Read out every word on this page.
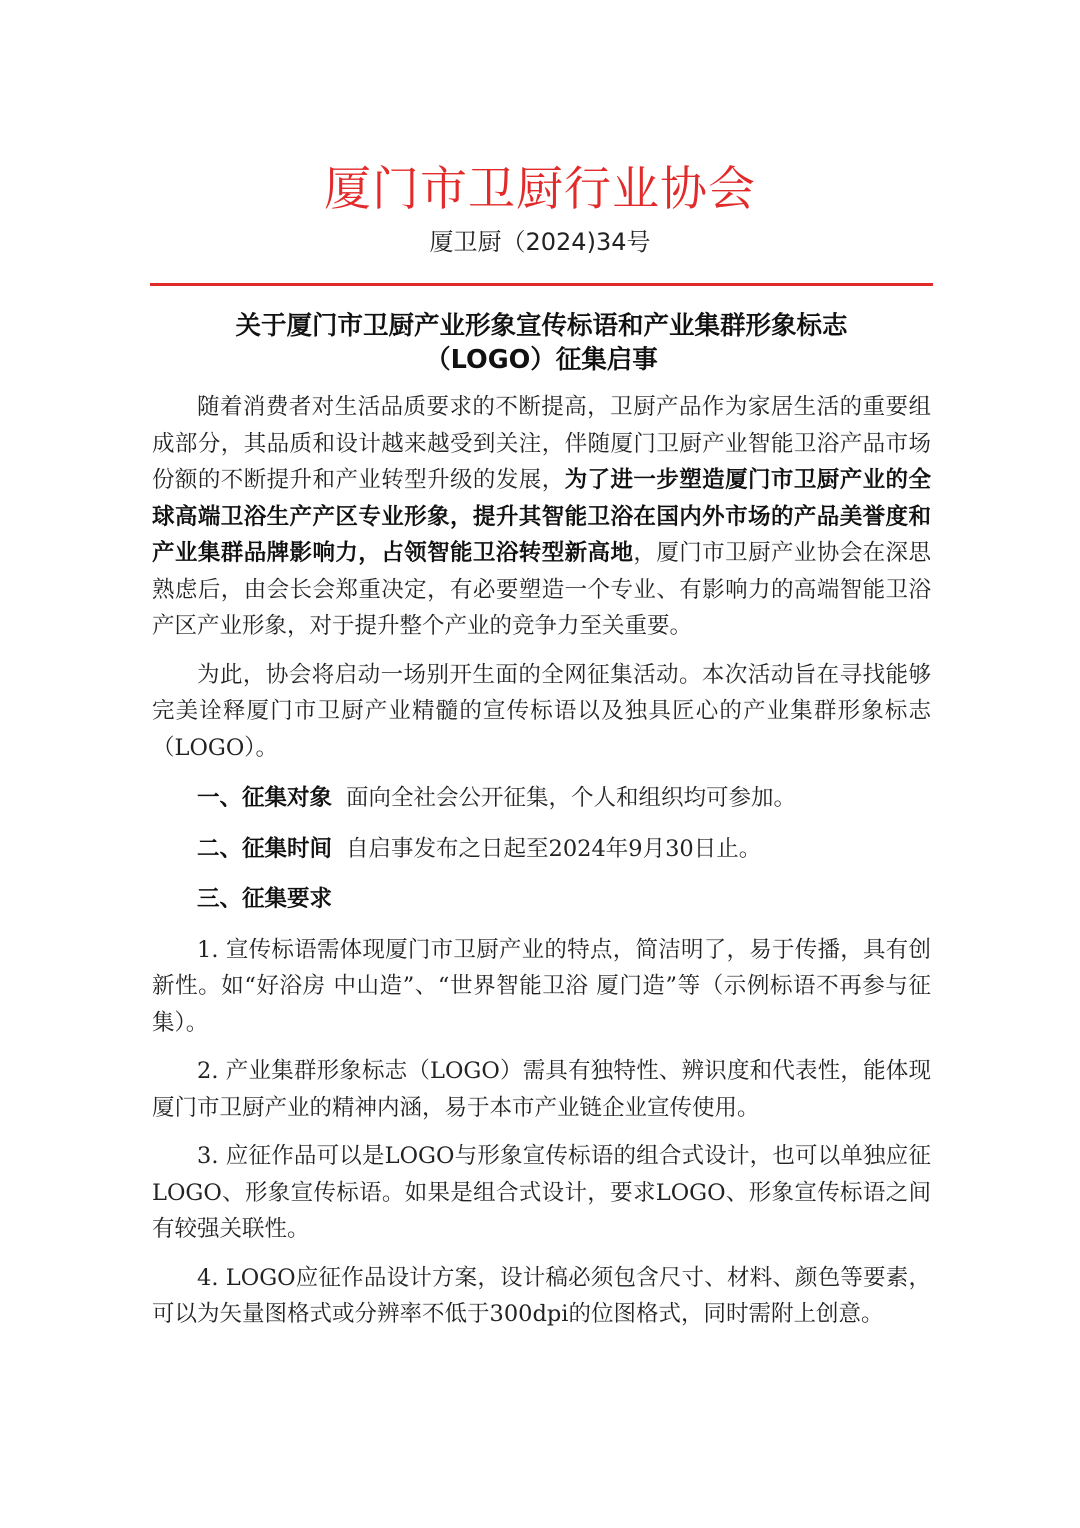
厦门市卫厨行业协会
厦卫厨（2024)34号
关于厦门市卫厨产业形象宣传标语和产业集群形象标志
（LOGO）征集启事

随着消费者对生活品质要求的不断提高，卫厨产品作为家居生活的重要组成部分，其品质和设计越来越受到关注，伴随厦门卫厨产业智能卫浴产品市场份额的不断提升和产业转型升级的发展，为了进一步塑造厦门市卫厨产业的全球高端卫浴生产产区专业形象，提升其智能卫浴在国内外市场的产品美誉度和产业集群品牌影响力，占领智能卫浴转型新高地，厦门市卫厨产业协会在深思熟虑后，由会长会郑重决定，有必要塑造一个专业、有影响力的高端智能卫浴产区产业形象，对于提升整个产业的竞争力至关重要。

为此，协会将启动一场别开生面的全网征集活动。本次活动旨在寻找能够完美诠释厦门市卫厨产业精髓的宣传标语以及独具匠心的产业集群形象标志（LOGO）。

一、征集对象 面向全社会公开征集，个人和组织均可参加。

二、征集时间 自启事发布之日起至2024年9月30日止。

三、征集要求

1. 宣传标语需体现厦门市卫厨产业的特点，简洁明了，易于传播，具有创新性。如“好浴房 中山造”、“世界智能卫浴 厦门造”等（示例标语不再参与征集）。

2. 产业集群形象标志（LOGO）需具有独特性、辨识度和代表性，能体现厦门市卫厨产业的精神内涵，易于本市产业链企业宣传使用。

3. 应征作品可以是LOGO与形象宣传标语的组合式设计，也可以单独应征LOGO、形象宣传标语。如果是组合式设计，要求LOGO、形象宣传标语之间有较强关联性。

4. LOGO应征作品设计方案，设计稿必须包含尺寸、材料、颜色等要素，可以为矢量图格式或分辨率不低于300dpi的位图格式，同时需附上创意。
